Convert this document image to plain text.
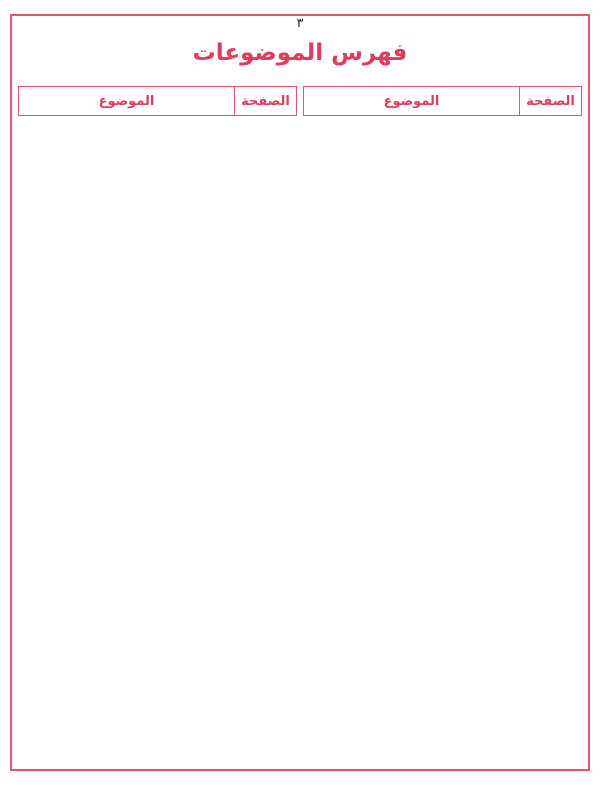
٣
فهرس الموضوعات
الصفحة	الموضوع	الصفحة	الموضوع
